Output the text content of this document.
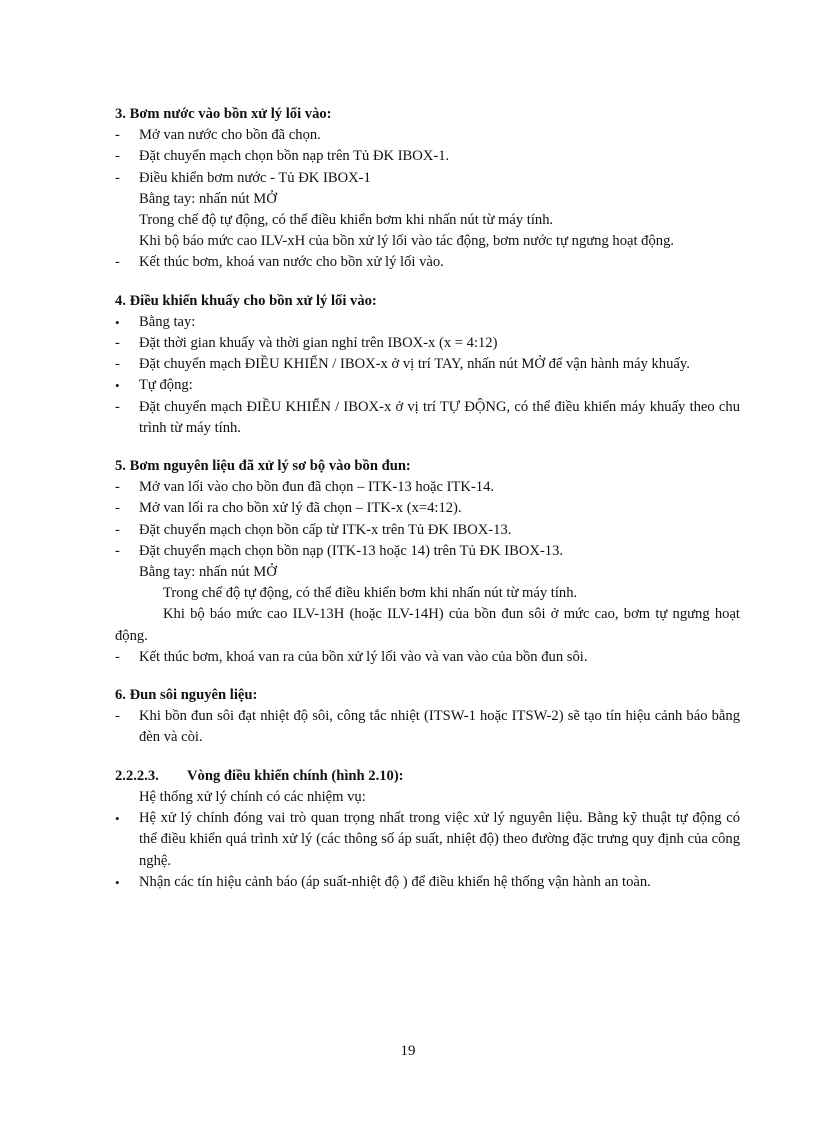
3. Bơm nước vào bồn xử lý lối vào:

-	Mở van nước cho bồn đã chọn.

-	Đặt chuyển mạch chọn bồn nạp trên Tủ ĐK IBOX-1.

-	Điều khiển bơm nước - Tủ ĐK IBOX-1

Bằng tay: nhấn nút MỞ

Trong chế độ tự động, có thể điều khiển bơm khi nhấn nút từ máy tính.

Khi bộ báo mức cao ILV-xH của bồn xử lý lối vào tác động, bơm nước tự ngưng hoạt động.

-	Kết thúc bơm, khoá van nước cho bồn xử lý lối vào.

4. Điều khiển khuấy cho bồn xử lý lối vào:

•	Bằng tay:

-	Đặt thời gian khuấy và thời gian nghỉ trên IBOX-x (x = 4:12)

-	Đặt chuyển mạch ĐIỀU KHIỂN / IBOX-x ở vị trí TAY, nhấn nút MỞ để vận hành máy khuấy.

•	Tự động:

-	Đặt chuyển mạch ĐIỀU KHIỂN / IBOX-x ở vị trí TỰ ĐỘNG, có thể điều khiển máy khuấy theo chu trình từ máy tính.

5. Bơm nguyên liệu đã xử lý sơ bộ vào bồn đun:

-	Mở van lối vào cho bồn đun đã chọn – ITK-13 hoặc ITK-14.

-	Mở van lối ra cho bồn xử lý đã chọn – ITK-x (x=4:12).

-	Đặt chuyển mạch chọn bồn cấp từ ITK-x trên Tủ ĐK IBOX-13.

-	Đặt chuyển mạch chọn bồn nạp (ITK-13 hoặc 14) trên Tủ ĐK IBOX-13.

Bằng tay: nhấn nút MỞ

Trong chế độ tự động, có thể điều khiển bơm khi nhấn nút từ máy tính.

Khi bộ báo mức cao ILV-13H (hoặc ILV-14H) của bồn đun sôi ở mức cao, bơm tự ngưng hoạt động.

-	Kết thúc bơm, khoá van ra của bồn xử lý lối vào và van vào của bồn đun sôi.

6. Đun sôi nguyên liệu:

-	Khi bồn đun sôi đạt nhiệt độ sôi, công tắc nhiệt (ITSW-1 hoặc ITSW-2) sẽ tạo tín hiệu cảnh báo bằng đèn và còi.

2.2.2.3. Vòng điều khiển chính (hình 2.10):

Hệ thống xử lý chính có các nhiệm vụ:

•	Hệ xử lý chính đóng vai trò quan trọng nhất trong việc xử lý nguyên liệu. Bằng kỹ thuật tự động có thể điều khiển quá trình xử lý (các thông số áp suất, nhiệt độ) theo đường đặc trưng quy định của công nghệ.

•	Nhận các tín hiệu cảnh báo (áp suất-nhiệt độ ) để điều khiển hệ thống vận hành an toàn.

19
